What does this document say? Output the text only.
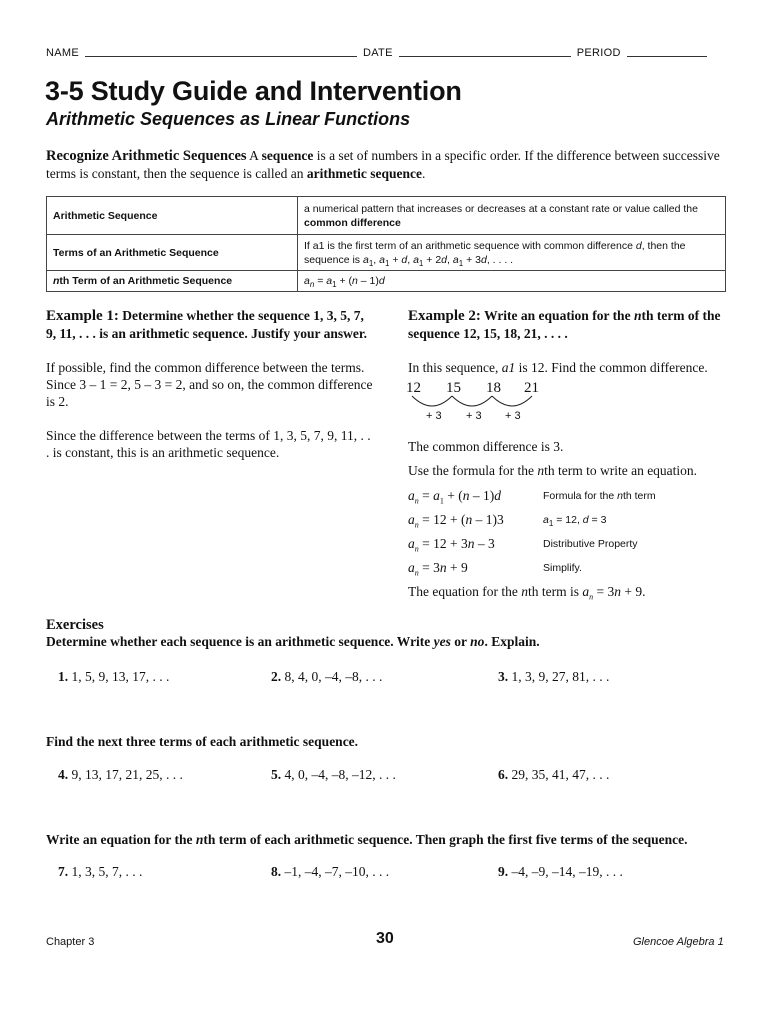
NAME	DATE	PERIOD
3-5 Study Guide and Intervention
Arithmetic Sequences as Linear Functions
Recognize Arithmetic Sequences A sequence is a set of numbers in a specific order. If the difference between successive terms is constant, then the sequence is called an arithmetic sequence.
Arithmetic Sequence	a numerical pattern that increases or decreases at a constant rate or value called the common difference
Terms of an Arithmetic Sequence	If a1 is the first term of an arithmetic sequence with common difference d, then the sequence is $a_1$, $a_1 + d$, $a_1 + 2d$, $a_1 + 3d$, . . . .
nth Term of an Arithmetic Sequence	$a_n = a_1 + (n - 1)d$

Example 1: Determine whether the sequence 1, 3, 5, 7, 9, 11, . . . is an arithmetic sequence. Justify your answer.

If possible, find the common difference between the terms. Since 3 – 1 = 2, 5 – 3 = 2, and so on, the common difference is 2.

Since the difference between the terms of 1, 3, 5, 7, 9, 11, . . . is constant, this is an arithmetic sequence.

Example 2: Write an equation for the nth term of the sequence 12, 15, 18, 21, . . . .

In this sequence, a1 is 12. Find the common difference.

12 15 18 21
+ 3 + 3 + 3
The common difference is 3.
Use the formula for the nth term to write an equation.
$a_n = a_1 + (n - 1)d$	Formula for the nth term
$a_n = 12 + (n - 1)3$	$a_1 = 12$, d = 3
$a_n = 12 + 3n - 3$	Distributive Property
$a_n = 3n + 9$	Simplify.
The equation for the nth term is $a_n = 3n + 9$.
Exercises
Determine whether each sequence is an arithmetic sequence. Write yes or no. Explain.
1. 1, 5, 9, 13, 17, . . .	2. 8, 4, 0, –4, –8, . . .	3. 1, 3, 9, 27, 81, . . .
Find the next three terms of each arithmetic sequence.
4. 9, 13, 17, 21, 25, . . .	5. 4, 0, –4, –8, –12, . . .	6. 29, 35, 41, 47, . . .
Write an equation for the nth term of each arithmetic sequence. Then graph the first five terms of the sequence.
7. 1, 3, 5, 7, . . .	8. –1, –4, –7, –10, . . .	9. –4, –9, –14, –19, . . .
Chapter 3	30	Glencoe Algebra 1
